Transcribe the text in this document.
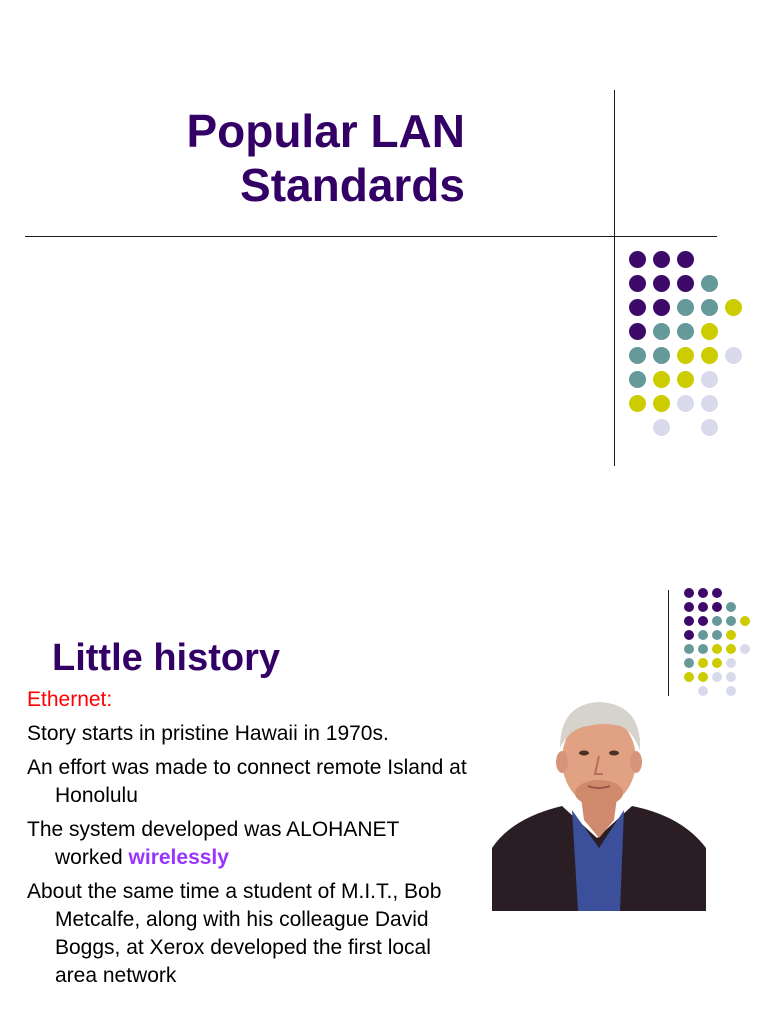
Popular LAN
Standards
Little history
Ethernet:
Story starts in pristine Hawaii in 1970s.
An effort was made to connect remote Island at Honolulu
The system developed was ALOHANET worked wirelessly
About the same time a student of M.I.T., Bob Metcalfe, along with his colleague David Boggs, at Xerox developed the first local area network
